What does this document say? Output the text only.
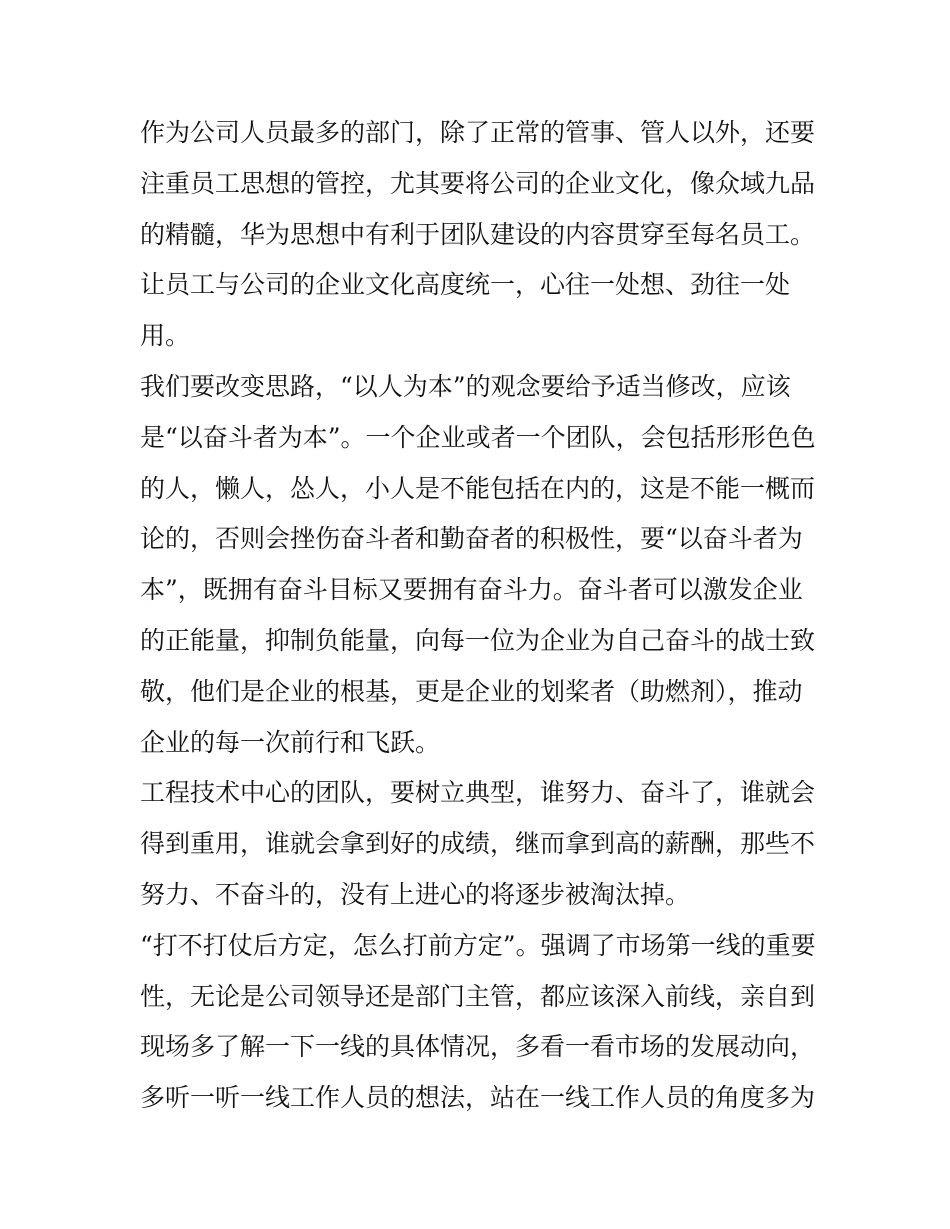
作为公司人员最多的部门，除了正常的管事、管人以外，还要
注重员工思想的管控，尤其要将公司的企业文化，像众域九品
的精髓，华为思想中有利于团队建设的内容贯穿至每名员工。
让员工与公司的企业文化高度统一，心往一处想、劲往一处
用。
我们要改变思路，“以人为本”的观念要给予适当修改，应该
是“以奋斗者为本”。一个企业或者一个团队，会包括形形色色
的人，懒人，怂人，小人是不能包括在内的，这是不能一概而
论的，否则会挫伤奋斗者和勤奋者的积极性，要“以奋斗者为
本”，既拥有奋斗目标又要拥有奋斗力。奋斗者可以激发企业
的正能量，抑制负能量，向每一位为企业为自己奋斗的战士致
敬，他们是企业的根基，更是企业的划桨者（助燃剂），推动
企业的每一次前行和飞跃。
工程技术中心的团队，要树立典型，谁努力、奋斗了，谁就会
得到重用，谁就会拿到好的成绩，继而拿到高的薪酬，那些不
努力、不奋斗的，没有上进心的将逐步被淘汰掉。
“打不打仗后方定，怎么打前方定”。强调了市场第一线的重要
性，无论是公司领导还是部门主管，都应该深入前线，亲自到
现场多了解一下一线的具体情况，多看一看市场的发展动向，
多听一听一线工作人员的想法，站在一线工作人员的角度多为
